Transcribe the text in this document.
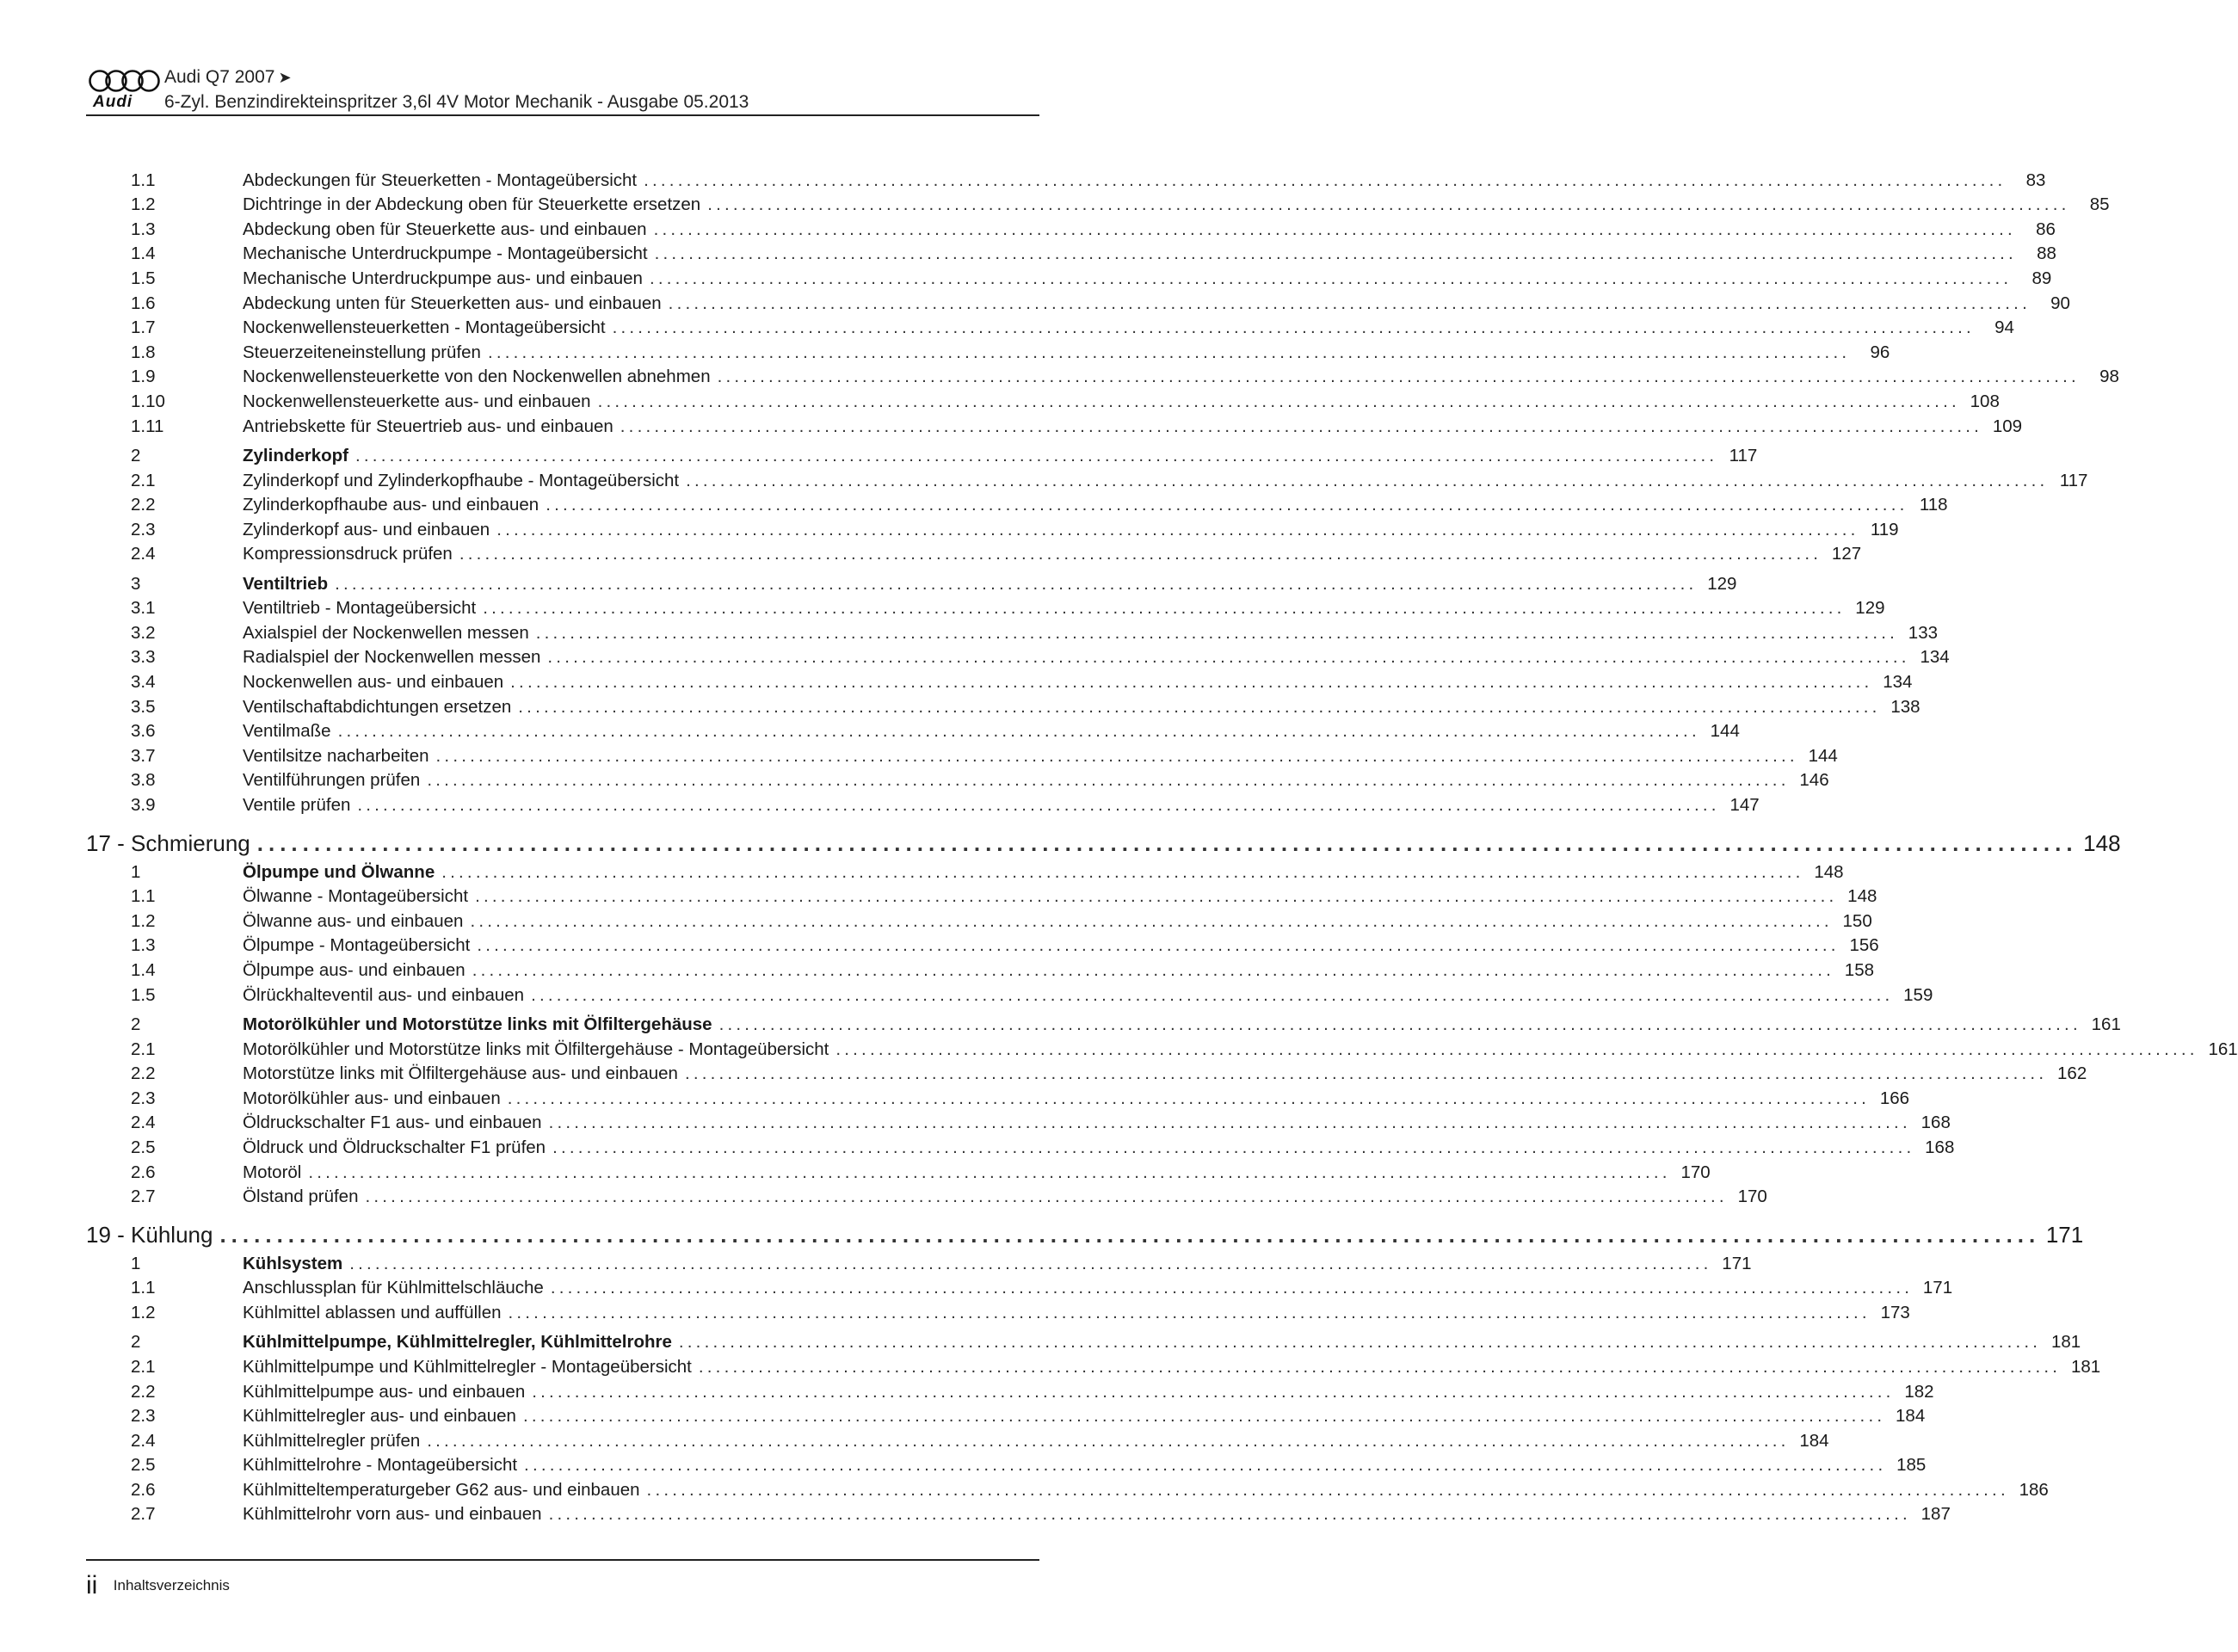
Audi
Audi Q7 2007 ➤
6-Zyl. Benzindirekteinspritzer 3,6l 4V Motor Mechanik - Ausgabe 05.2013
1.1	Abdeckungen für Steuerketten - Montageübersicht ................................................................................................................................................................	83
1.2	Dichtringe in der Abdeckung oben für Steuerkette ersetzen ................................................................................................................................................................	85
1.3	Abdeckung oben für Steuerkette aus- und einbauen ................................................................................................................................................................	86
1.4	Mechanische Unterdruckpumpe - Montageübersicht ................................................................................................................................................................	88
1.5	Mechanische Unterdruckpumpe aus- und einbauen ................................................................................................................................................................	89
1.6	Abdeckung unten für Steuerketten aus- und einbauen ................................................................................................................................................................	90
1.7	Nockenwellensteuerketten - Montageübersicht ................................................................................................................................................................	94
1.8	Steuerzeiteneinstellung prüfen ................................................................................................................................................................	96
1.9	Nockenwellensteuerkette von den Nockenwellen abnehmen ................................................................................................................................................................	98
1.10	Nockenwellensteuerkette aus- und einbauen ................................................................................................................................................................ 108
1.11	Antriebskette für Steuertrieb aus- und einbauen ................................................................................................................................................................ 109
2	Zylinderkopf ................................................................................................................................................................ 117
2.1	Zylinderkopf und Zylinderkopfhaube - Montageübersicht ................................................................................................................................................................ 117
2.2	Zylinderkopfhaube aus- und einbauen ................................................................................................................................................................ 118
2.3	Zylinderkopf aus- und einbauen ................................................................................................................................................................ 119
2.4	Kompressionsdruck prüfen ................................................................................................................................................................ 127
3	Ventiltrieb ................................................................................................................................................................ 129
3.1	Ventiltrieb - Montageübersicht ................................................................................................................................................................ 129
3.2	Axialspiel der Nockenwellen messen ................................................................................................................................................................ 133
3.3	Radialspiel der Nockenwellen messen ................................................................................................................................................................ 134
3.4	Nockenwellen aus- und einbauen ................................................................................................................................................................ 134
3.5	Ventilschaftabdichtungen ersetzen ................................................................................................................................................................ 138
3.6	Ventilmaße ................................................................................................................................................................ 144
3.7	Ventilsitze nacharbeiten ................................................................................................................................................................ 144
3.8	Ventilführungen prüfen ................................................................................................................................................................ 146
3.9	Ventile prüfen ................................................................................................................................................................ 147
17 - Schmierung ................................................................................................................................................................ 148
1	Ölpumpe und Ölwanne ................................................................................................................................................................ 148
1.1	Ölwanne - Montageübersicht ................................................................................................................................................................ 148
1.2	Ölwanne aus- und einbauen ................................................................................................................................................................ 150
1.3	Ölpumpe - Montageübersicht ................................................................................................................................................................ 156
1.4	Ölpumpe aus- und einbauen ................................................................................................................................................................ 158
1.5	Ölrückhalteventil aus- und einbauen ................................................................................................................................................................ 159
2	Motorölkühler und Motorstütze links mit Ölfiltergehäuse ................................................................................................................................................................ 161
2.1	Motorölkühler und Motorstütze links mit Ölfiltergehäuse - Montageübersicht ................................................................................................................................................................ 161
2.2	Motorstütze links mit Ölfiltergehäuse aus- und einbauen ................................................................................................................................................................ 162
2.3	Motorölkühler aus- und einbauen ................................................................................................................................................................ 166
2.4	Öldruckschalter F1 aus- und einbauen ................................................................................................................................................................ 168
2.5	Öldruck und Öldruckschalter F1 prüfen ................................................................................................................................................................ 168
2.6	Motoröl ................................................................................................................................................................ 170
2.7	Ölstand prüfen ................................................................................................................................................................ 170
19 - Kühlung ................................................................................................................................................................ 171
1	Kühlsystem ................................................................................................................................................................ 171
1.1	Anschlussplan für Kühlmittelschläuche ................................................................................................................................................................ 171
1.2	Kühlmittel ablassen und auffüllen ................................................................................................................................................................ 173
2	Kühlmittelpumpe, Kühlmittelregler, Kühlmittelrohre ................................................................................................................................................................ 181
2.1	Kühlmittelpumpe und Kühlmittelregler - Montageübersicht ................................................................................................................................................................ 181
2.2	Kühlmittelpumpe aus- und einbauen ................................................................................................................................................................ 182
2.3	Kühlmittelregler aus- und einbauen ................................................................................................................................................................ 184
2.4	Kühlmittelregler prüfen ................................................................................................................................................................ 184
2.5	Kühlmittelrohre - Montageübersicht ................................................................................................................................................................ 185
2.6	Kühlmitteltemperaturgeber G62 aus- und einbauen ................................................................................................................................................................ 186
2.7	Kühlmittelrohr vorn aus- und einbauen ................................................................................................................................................................ 187
ii Inhaltsverzeichnis
